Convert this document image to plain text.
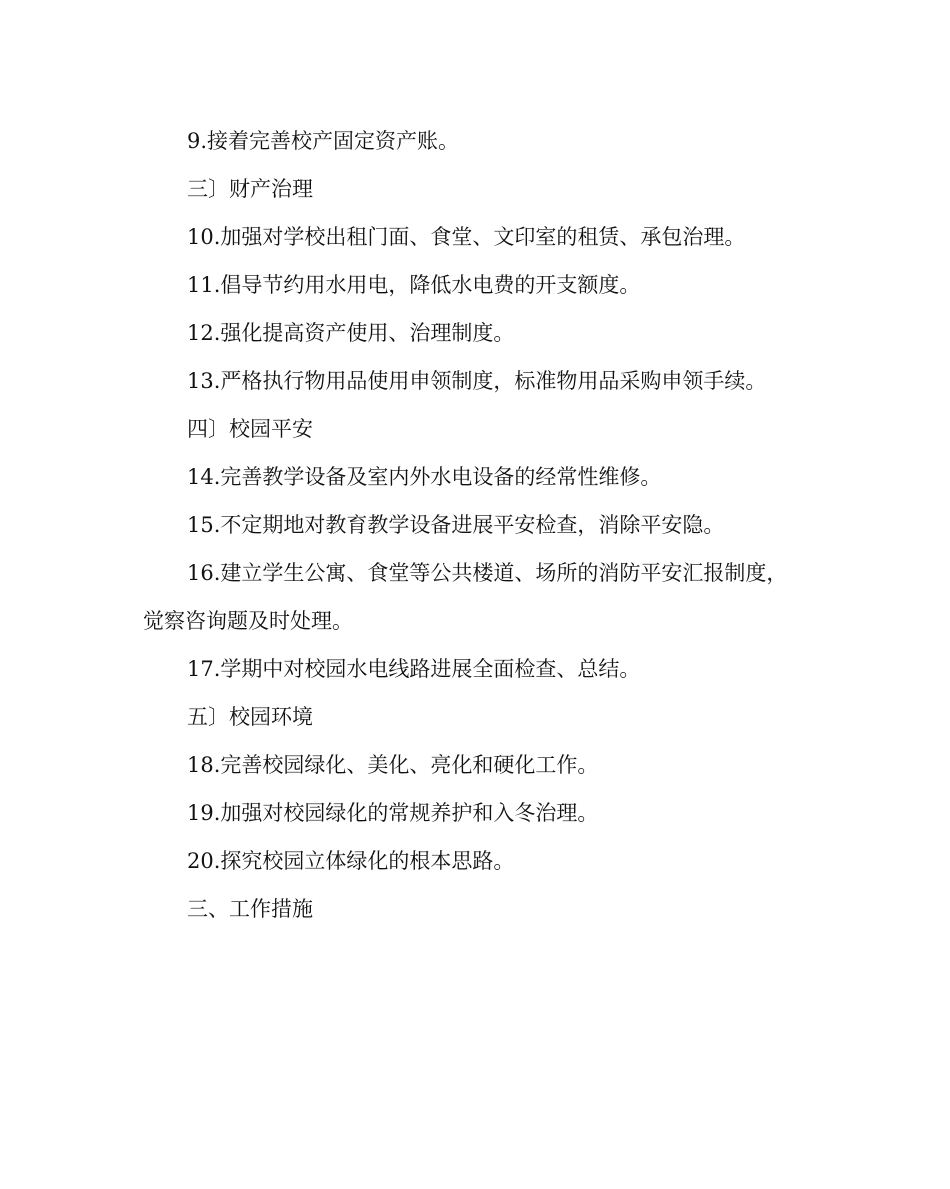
9.接着完善校产固定资产账。

三〕财产治理

10.加强对学校出租门面、食堂、文印室的租赁、承包治理。

11.倡导节约用水用电，降低水电费的开支额度。

12.强化提高资产使用、治理制度。

13.严格执行物用品使用申领制度，标准物用品采购申领手续。

四〕校园平安

14.完善教学设备及室内外水电设备的经常性维修。

15.不定期地对教育教学设备进展平安检查，消除平安隐。

16.建立学生公寓、食堂等公共楼道、场所的消防平安汇报制度，

觉察咨询题及时处理。

17.学期中对校园水电线路进展全面检查、总结。

五〕校园环境

18.完善校园绿化、美化、亮化和硬化工作。

19.加强对校园绿化的常规养护和入冬治理。

20.探究校园立体绿化的根本思路。

三、工作措施
